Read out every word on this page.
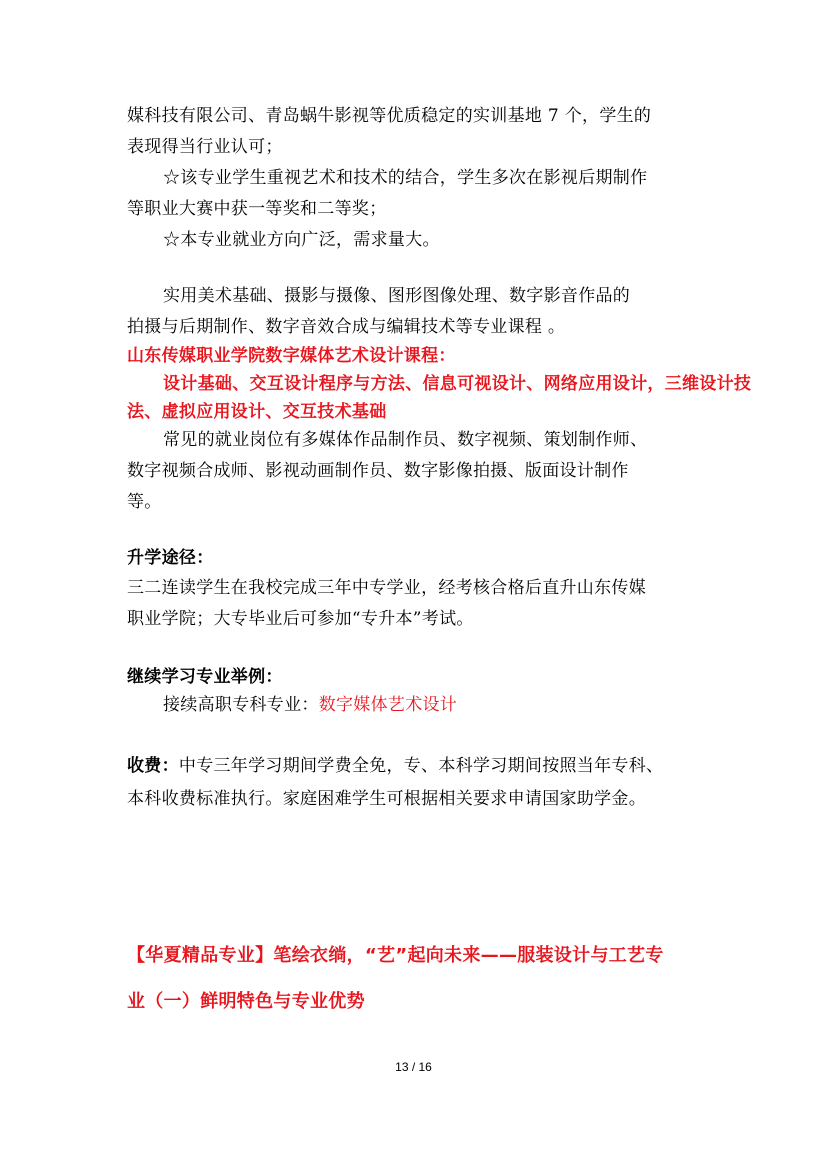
媒科技有限公司、青岛蜗牛影视等优质稳定的实训基地 7 个，学生的
表现得当行业认可；
☆该专业学生重视艺术和技术的结合，学生多次在影视后期制作
等职业大赛中获一等奖和二等奖；
☆本专业就业方向广泛，需求量大。
实用美术基础、摄影与摄像、图形图像处理、数字影音作品的
拍摄与后期制作、数字音效合成与编辑技术等专业课程 。
山东传媒职业学院数字媒体艺术设计课程：
设计基础、交互设计程序与方法、信息可视设计、网络应用设计，三维设计技
法、虚拟应用设计、交互技术基础
常见的就业岗位有多媒体作品制作员、数字视频、策划制作师、
数字视频合成师、影视动画制作员、数字影像拍摄、版面设计制作
等。
升学途径：
三二连读学生在我校完成三年中专学业，经考核合格后直升山东传媒
职业学院；大专毕业后可参加“专升本”考试。
继续学习专业举例：
接续高职专科专业：数字媒体艺术设计
收费：中专三年学习期间学费全免，专、本科学习期间按照当年专科、
本科收费标准执行。家庭困难学生可根据相关要求申请国家助学金。
【华夏精品专业】笔绘衣绱，“艺”起向未来——服装设计与工艺专
业（一）鲜明特色与专业优势
13 / 16
